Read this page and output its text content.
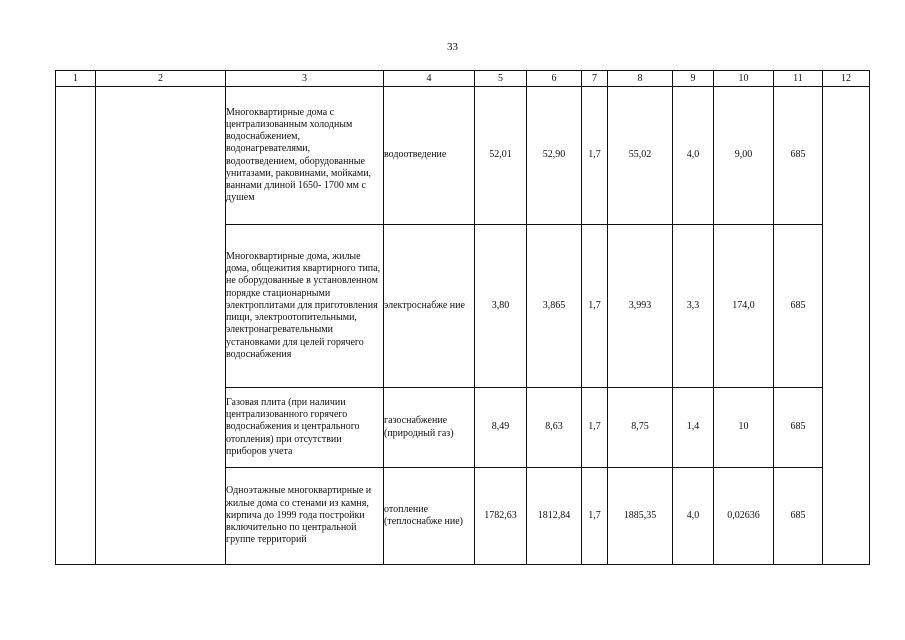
33
1	2	3	4	5	6	7	8	9	10	11	12
		Многоквартирные дома с централизованным холодным водоснабжением, водонагревателями, водоотведением, оборудованные унитазами, раковинами, мойками, ваннами длиной 1650- 1700 мм с душем	водоотведение	52,01	52,90	1,7	55,02	4,0	9,00	685	
		Многоквартирные дома, жилые дома, общежития квартирного типа, не оборудованные в установленном порядке стационарными электроплитами для приготовления пищи, электроотопительными, электронагревательными установками для целей горячего водоснабжения	электроснабже ние	3,80	3,865	1,7	3,993	3,3	174,0	685	
		Газовая плита (при наличии централизованного горячего водоснабжения и центрального отопления) при отсутствии приборов учета	газоснабжение (природный газ)	8,49	8,63	1,7	8,75	1,4	10	685	
		Одноэтажные многоквартирные и жилые дома со стенами из камня, кирпича до 1999 года постройки включительно по центральной группе территорий	отопление (теплоснабже ние)	1782,63	1812,84	1,7	1885,35	4,0	0,02636	685	
